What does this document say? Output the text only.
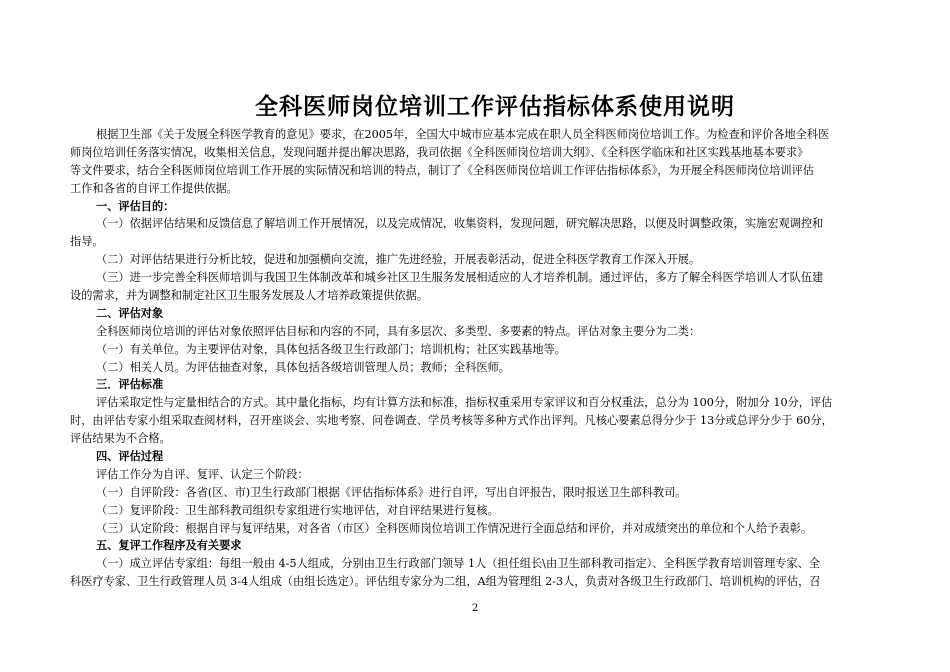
全科医师岗位培训工作评估指标体系使用说明
根据卫生部《关于发展全科医学教育的意见》要求，在2005年，全国大中城市应基本完成在职人员全科医师岗位培训工作。为检查和评价各地全科医
师岗位培训任务落实情况，收集相关信息，发现问题并提出解决思路，我司依据《全科医师岗位培训大纲》、《全科医学临床和社区实践基地基本要求》
等文件要求，结合全科医师岗位培训工作开展的实际情况和培训的特点，制订了《全科医师岗位培训工作评估指标体系》，为开展全科医师岗位培训评估
工作和各省的自评工作提供依据。
一、评估目的：
（一）依据评估结果和反馈信息了解培训工作开展情况，以及完成情况，收集资料，发现问题，研究解决思路，以便及时调整政策，实施宏观调控和
指导。
（二）对评估结果进行分析比较，促进和加强横向交流，推广先进经验，开展表彰活动，促进全科医学教育工作深入开展。
（三）进一步完善全科医师培训与我国卫生体制改革和城乡社区卫生服务发展相适应的人才培养机制。通过评估，多方了解全科医学培训人才队伍建
设的需求，并为调整和制定社区卫生服务发展及人才培养政策提供依据。
二、评估对象
全科医师岗位培训的评估对象依照评估目标和内容的不同，具有多层次、多类型、多要素的特点。评估对象主要分为二类：
（一）有关单位。为主要评估对象，具体包括各级卫生行政部门；培训机构；社区实践基地等。
（二）相关人员。为评估抽查对象，具体包括各级培训管理人员；教师；全科医师。
三．评估标准
评估采取定性与定量相结合的方式。其中量化指标，均有计算方法和标准，指标权重采用专家评议和百分权重法，总分为 100分，附加分 10分，评估
时，由评估专家小组采取查阅材料，召开座谈会、实地考察、问卷调查、学员考核等多种方式作出评判。凡核心要素总得分少于 13分或总评分少于 60分，
评估结果为不合格。
四、评估过程
评估工作分为自评、复评、认定三个阶段：
（一）自评阶段：各省(区、市)卫生行政部门根据《评估指标体系》进行自评，写出自评报告，限时报送卫生部科教司。
（二）复评阶段：卫生部科教司组织专家组进行实地评估，对自评结果进行复核。
（三）认定阶段：根据自评与复评结果，对各省（市区）全科医师岗位培训工作情况进行全面总结和评价，并对成绩突出的单位和个人给予表彰。
五、复评工作程序及有关要求
（一）成立评估专家组：每组一般由 4-5人组成，分别由卫生行政部门领导 1人（担任组长\由卫生部科教司指定）、全科医学教育培训管理专家、全
科医疗专家、卫生行政管理人员 3-4人组成（由组长选定）。评估组专家分为二组，A组为管理组 2-3人，负责对各级卫生行政部门、培训机构的评估，召
2
